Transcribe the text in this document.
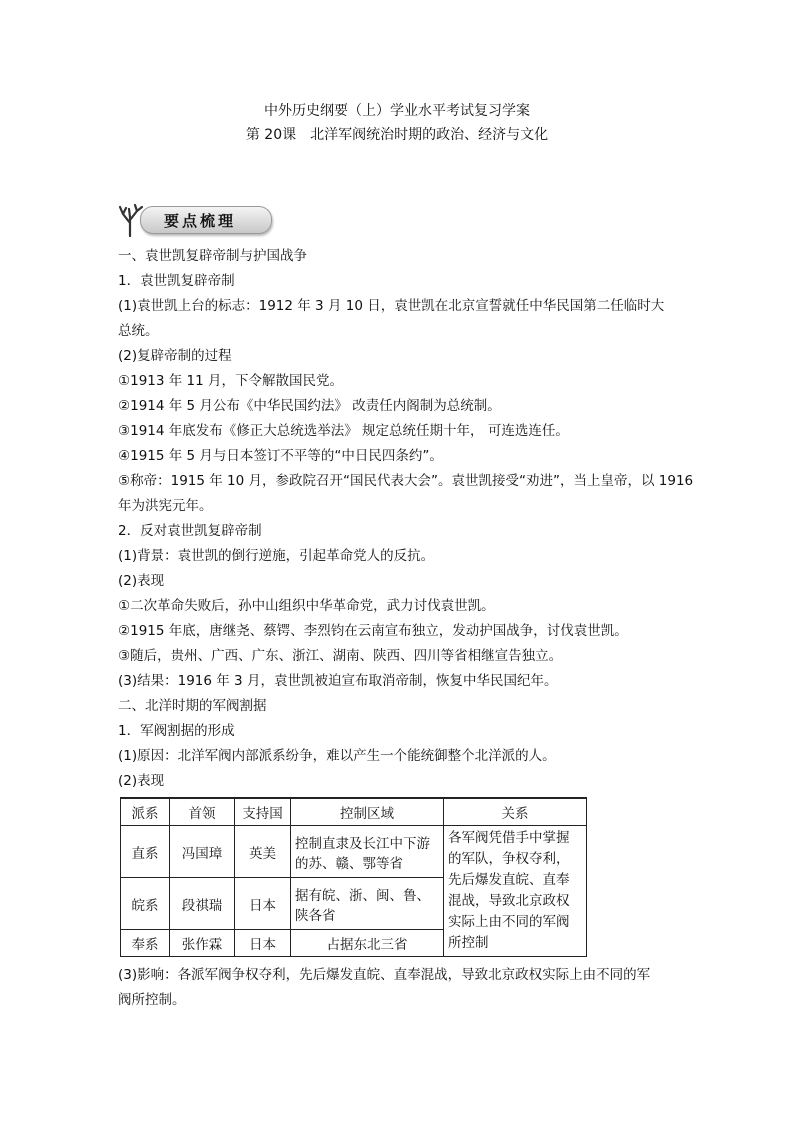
中外历史纲要（上）学业水平考试复习学案
第 20课　北洋军阀统治时期的政治、经济与文化
要点梳理
一、袁世凯复辟帝制与护国战争
1．袁世凯复辟帝制
(1)袁世凯上台的标志：1912 年 3 月 10 日，袁世凯在北京宣誓就任中华民国第二任临时大
总统。
(2)复辟帝制的过程
①1913 年 11 月，下令解散国民党。
②1914 年 5 月公布《中华民国约法》 改责任内阁制为总统制。
③1914 年底发布《修正大总统选举法》 规定总统任期十年， 可连选连任。
④1915 年 5 月与日本签订不平等的“中日民四条约”。
⑤称帝：1915 年 10 月，参政院召开“国民代表大会”。袁世凯接受“劝进”，当上皇帝，以 1916
年为洪宪元年。
2．反对袁世凯复辟帝制
(1)背景：袁世凯的倒行逆施，引起革命党人的反抗。
(2)表现
①二次革命失败后，孙中山组织中华革命党，武力讨伐袁世凯。
②1915 年底，唐继尧、蔡锷、李烈钧在云南宣布独立，发动护国战争，讨伐袁世凯。
③随后，贵州、广西、广东、浙江、湖南、陕西、四川等省相继宣告独立。
(3)结果：1916 年 3 月，袁世凯被迫宣布取消帝制，恢复中华民国纪年。
二、北洋时期的军阀割据
1．军阀割据的形成
(1)原因：北洋军阀内部派系纷争，难以产生一个能统御整个北洋派的人。
(2)表现
派系	首领	支持国	控制区域	关系
直系	冯国璋	英美	控制直隶及长江中下游的苏、赣、鄂等省	各军阀凭借手中掌握的军队，争权夺利，先后爆发直皖、直奉混战，导致北京政权实际上由不同的军阀所控制
皖系	段祺瑞	日本	据有皖、浙、闽、鲁、陕各省	
奉系	张作霖	日本	占据东北三省	
(3)影响：各派军阀争权夺利，先后爆发直皖、直奉混战，导致北京政权实际上由不同的军
阀所控制。
